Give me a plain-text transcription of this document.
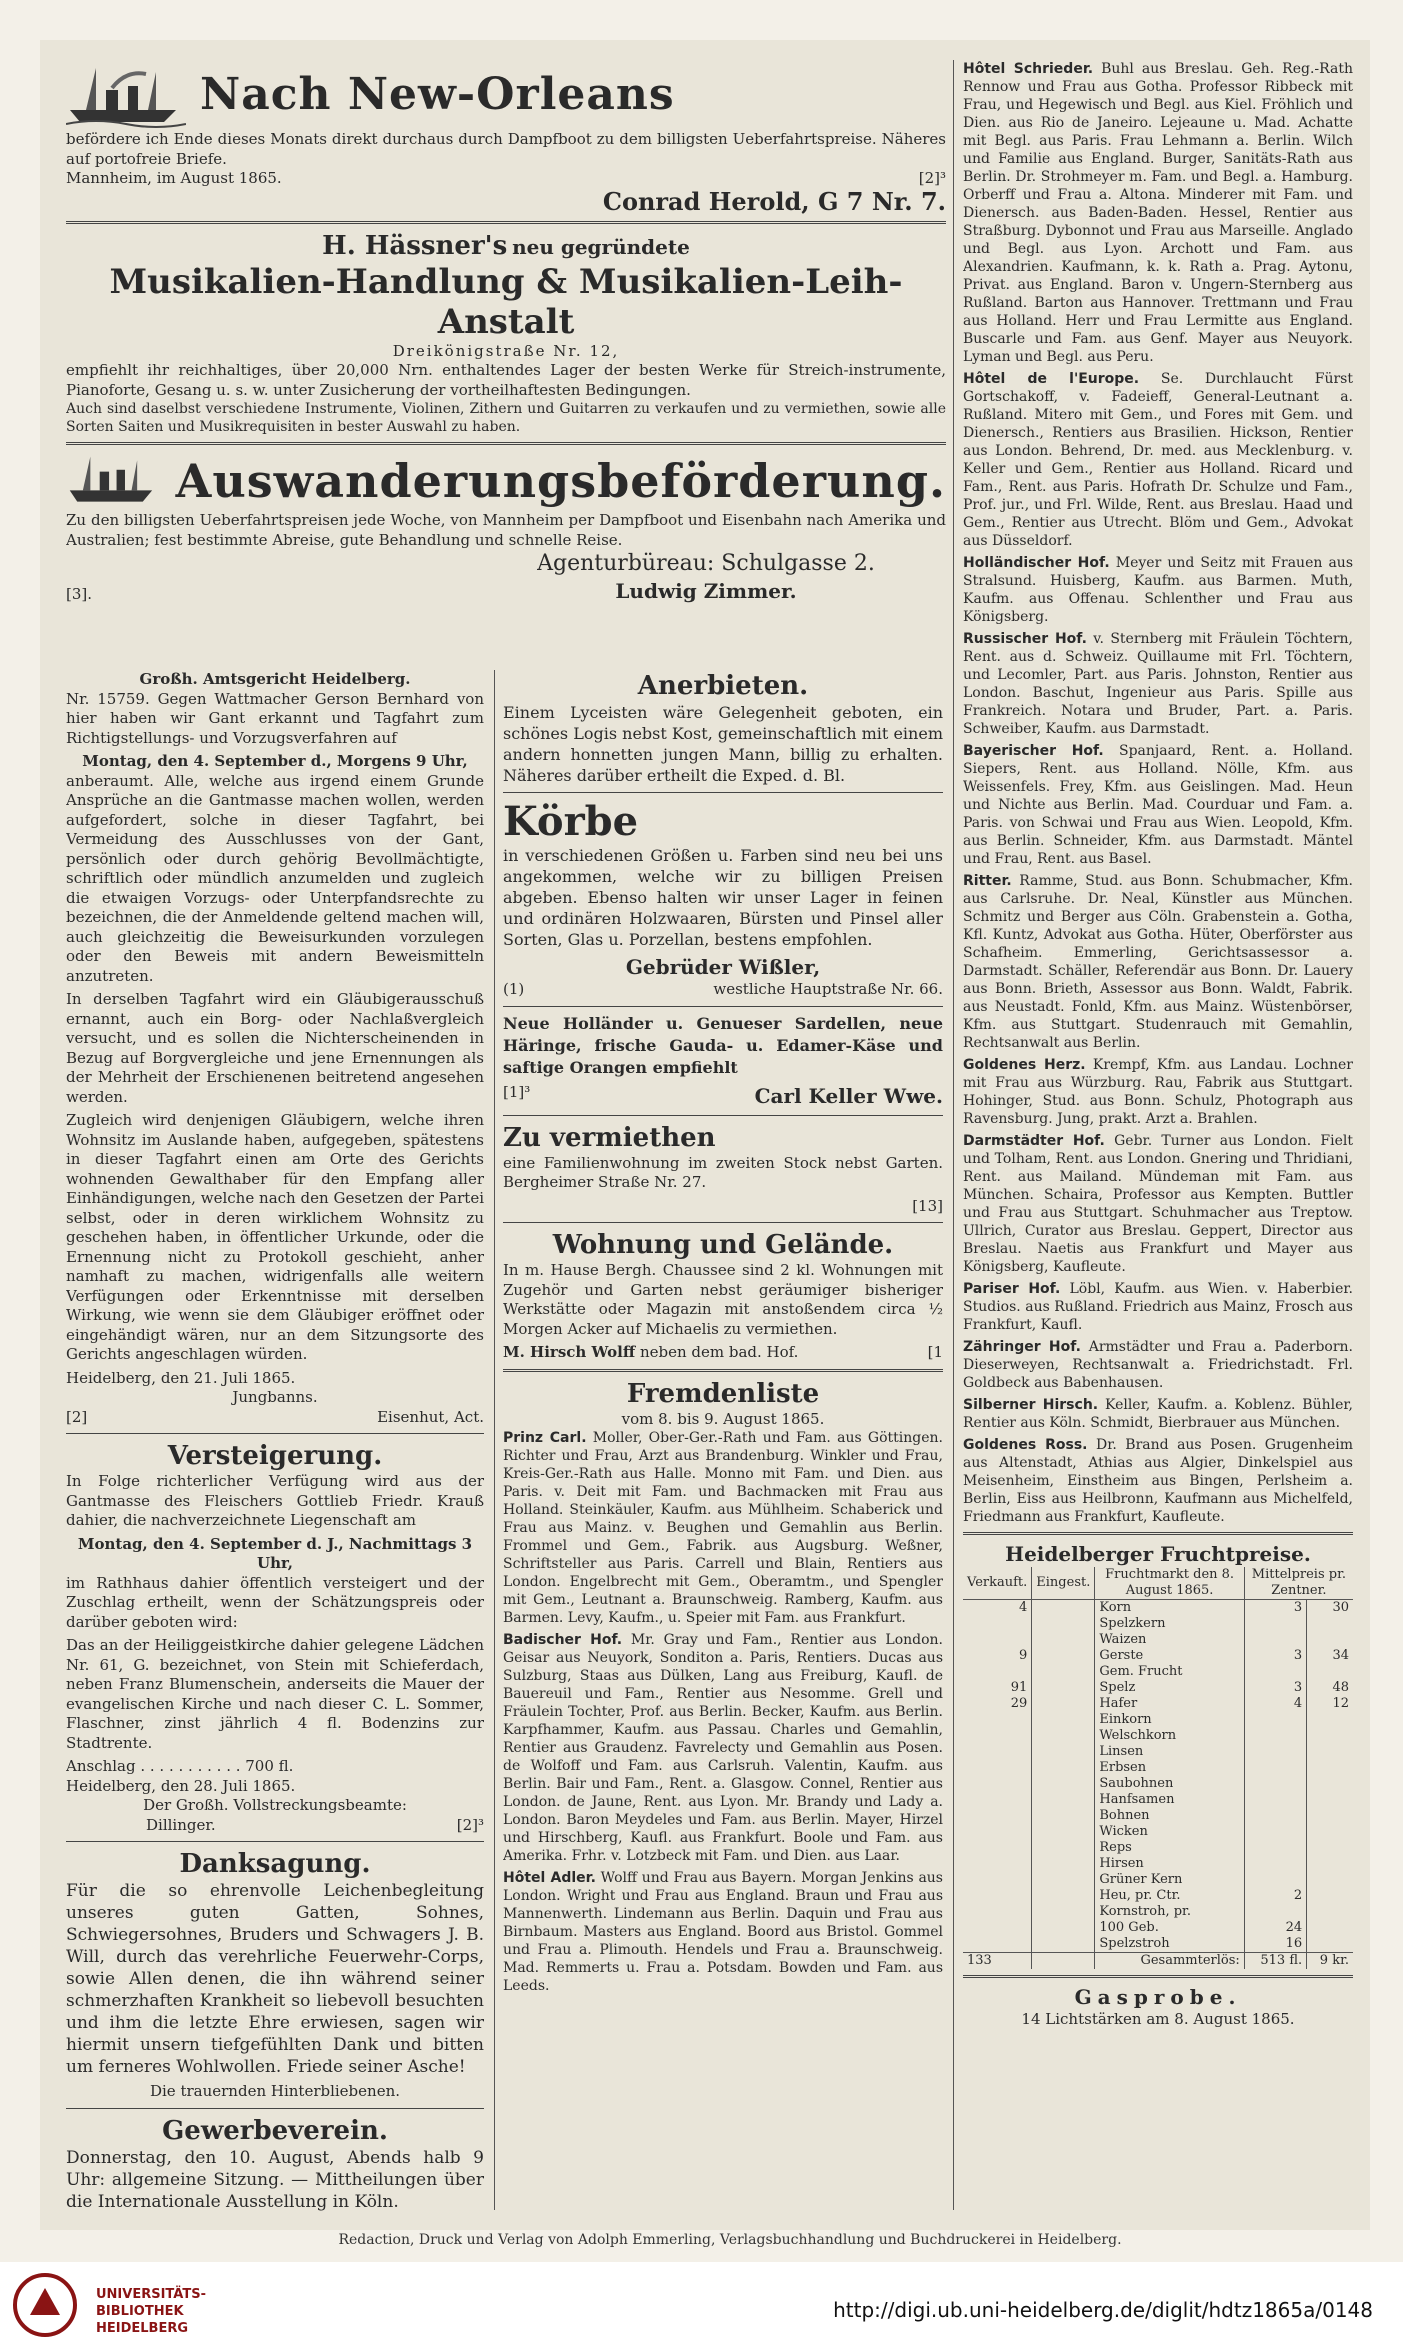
Nach New-Orleans
befördere ich Ende dieses Monats direkt durchaus durch Dampfboot zu dem billigsten Ueberfahrtspreise. Näheres auf portofreie Briefe.
Mannheim, im August 1865.	[2]³
Conrad Herold, G 7 Nr. 7.
H. Hässner's neu gegründete
Musikalien-Handlung & Musikalien-Leih-Anstalt
Dreikönigstraße Nr. 12,
empfiehlt ihr reichhaltiges, über 20,000 Nrn. enthaltendes Lager der besten Werke für Streich-instrumente, Pianoforte, Gesang u. s. w. unter Zusicherung der vortheilhaftesten Bedingungen.
Auch sind daselbst verschiedene Instrumente, Violinen, Zithern und Guitarren zu verkaufen und zu vermiethen, sowie alle Sorten Saiten und Musikrequisiten in bester Auswahl zu haben.
Auswanderungsbeförderung.
Zu den billigsten Ueberfahrtspreisen jede Woche, von Mannheim per Dampfboot und Eisenbahn nach Amerika und Australien; fest bestimmte Abreise, gute Behandlung und schnelle Reise.
[3].
Agenturbüreau: Schulgasse 2.
Ludwig Zimmer.
Großh. Amtsgericht Heidelberg.
Nr. 15759. Gegen Wattmacher Gerson Bernhard von hier haben wir Gant erkannt und Tagfahrt zum Richtigstellungs- und Vorzugsverfahren auf
Montag, den 4. September d., Morgens 9 Uhr,
anberaumt. Alle, welche aus irgend einem Grunde Ansprüche an die Gantmasse machen wollen, werden aufgefordert, solche in dieser Tagfahrt, bei Vermeidung des Ausschlusses von der Gant, persönlich oder durch gehörig Bevollmächtigte, schriftlich oder mündlich anzumelden und zugleich die etwaigen Vorzugs- oder Unterpfandsrechte zu bezeichnen, die der Anmeldende geltend machen will, auch gleichzeitig die Beweisurkunden vorzulegen oder den Beweis mit andern Beweismitteln anzutreten.
In derselben Tagfahrt wird ein Gläubigerausschuß ernannt, auch ein Borg- oder Nachlaßvergleich versucht, und es sollen die Nichterscheinenden in Bezug auf Borgvergleiche und jene Ernennungen als der Mehrheit der Erschienenen beitretend angesehen werden.
Zugleich wird denjenigen Gläubigern, welche ihren Wohnsitz im Auslande haben, aufgegeben, spätestens in dieser Tagfahrt einen am Orte des Gerichts wohnenden Gewalthaber für den Empfang aller Einhändigungen, welche nach den Gesetzen der Partei selbst, oder in deren wirklichem Wohnsitz zu geschehen haben, in öffentlicher Urkunde, oder die Ernennung nicht zu Protokoll geschieht, anher namhaft zu machen, widrigenfalls alle weitern Verfügungen oder Erkenntnisse mit derselben Wirkung, wie wenn sie dem Gläubiger eröffnet oder eingehändigt wären, nur an dem Sitzungsorte des Gerichts angeschlagen würden.
Heidelberg, den 21. Juli 1865.
Jungbanns.
[2]	Eisenhut, Act.
Versteigerung.
In Folge richterlicher Verfügung wird aus der Gantmasse des Fleischers Gottlieb Friedr. Krauß dahier, die nachverzeichnete Liegenschaft am
Montag, den 4. September d. J., Nachmittags 3 Uhr,
im Rathhaus dahier öffentlich versteigert und der Zuschlag ertheilt, wenn der Schätzungspreis oder darüber geboten wird:
Das an der Heiliggeistkirche dahier gelegene Lädchen Nr. 61, G. bezeichnet, von Stein mit Schieferdach, neben Franz Blumenschein, anderseits die Mauer der evangelischen Kirche und nach dieser C. L. Sommer, Flaschner, zinst jährlich 4 fl. Bodenzins zur Stadtrente.
Anschlag . . . . . . . . . . . 700 fl.
Heidelberg, den 28. Juli 1865.
Der Großh. Vollstreckungsbeamte:
Dillinger.	[2]³
Danksagung.
Für die so ehrenvolle Leichenbegleitung unseres guten Gatten, Sohnes, Schwiegersohnes, Bruders und Schwagers J. B. Will, durch das verehrliche Feuerwehr-Corps, sowie Allen denen, die ihn während seiner schmerzhaften Krankheit so liebevoll besuchten und ihm die letzte Ehre erwiesen, sagen wir hiermit unsern tiefgefühlten Dank und bitten um ferneres Wohlwollen. Friede seiner Asche!
Die trauernden Hinterbliebenen.
Gewerbeverein.
Donnerstag, den 10. August, Abends halb 9 Uhr: allgemeine Sitzung. — Mittheilungen über die Internationale Ausstellung in Köln.
Anerbieten.
Einem Lyceisten wäre Gelegenheit geboten, ein schönes Logis nebst Kost, gemeinschaftlich mit einem andern honnetten jungen Mann, billig zu erhalten. Näheres darüber ertheilt die Exped. d. Bl.
Körbe
in verschiedenen Größen u. Farben sind neu bei uns angekommen, welche wir zu billigen Preisen abgeben. Ebenso halten wir unser Lager in feinen und ordinären Holzwaaren, Bürsten und Pinsel aller Sorten, Glas u. Porzellan, bestens empfohlen.
Gebrüder Wißler,
(1)	westliche Hauptstraße Nr. 66.
Neue Holländer u. Genueser Sardellen, neue Häringe, frische Gauda- u. Edamer-Käse und saftige Orangen empfiehlt
[1]³	Carl Keller Wwe.
Zu vermiethen
eine Familienwohnung im zweiten Stock nebst Garten. Bergheimer Straße Nr. 27.
[13]
Wohnung und Gelände.
In m. Hause Bergh. Chaussee sind 2 kl. Wohnungen mit Zugehör und Garten nebst geräumiger bisheriger Werkstätte oder Magazin mit anstoßendem circa ½ Morgen Acker auf Michaelis zu vermiethen.
M. Hirsch Wolff neben dem bad. Hof.	[1
Fremdenliste
vom 8. bis 9. August 1865.
Prinz Carl. Moller, Ober-Ger.-Rath und Fam. aus Göttingen. Richter und Frau, Arzt aus Brandenburg. Winkler und Frau, Kreis-Ger.-Rath aus Halle. Monno mit Fam. und Dien. aus Paris. v. Deit mit Fam. und Bachmacken mit Frau aus Holland. Steinkäuler, Kaufm. aus Mühlheim. Schaberick und Frau aus Mainz. v. Beughen und Gemahlin aus Berlin. Frommel und Gem., Fabrik. aus Augsburg. Weßner, Schriftsteller aus Paris. Carrell und Blain, Rentiers aus London. Engelbrecht mit Gem., Oberamtm., und Spengler mit Gem., Leutnant a. Braunschweig. Ramberg, Kaufm. aus Barmen. Levy, Kaufm., u. Speier mit Fam. aus Frankfurt.
Badischer Hof. Mr. Gray und Fam., Rentier aus London. Geisar aus Neuyork, Sonditon a. Paris, Rentiers. Ducas aus Sulzburg, Staas aus Dülken, Lang aus Freiburg, Kaufl. de Bauereuil und Fam., Rentier aus Nesomme. Grell und Fräulein Tochter, Prof. aus Berlin. Becker, Kaufm. aus Berlin. Karpfhammer, Kaufm. aus Passau. Charles und Gemahlin, Rentier aus Graudenz. Favrelecty und Gemahlin aus Posen. de Wolfoff und Fam. aus Carlsruh. Valentin, Kaufm. aus Berlin. Bair und Fam., Rent. a. Glasgow. Connel, Rentier aus London. de Jaune, Rent. aus Lyon. Mr. Brandy und Lady a. London. Baron Meydeles und Fam. aus Berlin. Mayer, Hirzel und Hirschberg, Kaufl. aus Frankfurt. Boole und Fam. aus Amerika. Frhr. v. Lotzbeck mit Fam. und Dien. aus Laar.
Hôtel Adler. Wolff und Frau aus Bayern. Morgan Jenkins aus London. Wright und Frau aus England. Braun und Frau aus Mannenwerth. Lindemann aus Berlin. Daquin und Frau aus Birnbaum. Masters aus England. Boord aus Bristol. Gommel und Frau a. Plimouth. Hendels und Frau a. Braunschweig. Mad. Remmerts u. Frau a. Potsdam. Bowden und Fam. aus Leeds.
Hôtel Schrieder. Buhl aus Breslau. Geh. Reg.-Rath Rennow und Frau aus Gotha. Professor Ribbeck mit Frau, und Hegewisch und Begl. aus Kiel. Fröhlich und Dien. aus Rio de Janeiro. Lejeaune u. Mad. Achatte mit Begl. aus Paris. Frau Lehmann a. Berlin. Wilch und Familie aus England. Burger, Sanitäts-Rath aus Berlin. Dr. Strohmeyer m. Fam. und Begl. a. Hamburg. Orberff und Frau a. Altona. Minderer mit Fam. und Dienersch. aus Baden-Baden. Hessel, Rentier aus Straßburg. Dybonnot und Frau aus Marseille. Anglado und Begl. aus Lyon. Archott und Fam. aus Alexandrien. Kaufmann, k. k. Rath a. Prag. Aytonu, Privat. aus England. Baron v. Ungern-Sternberg aus Rußland. Barton aus Hannover. Trettmann und Frau aus Holland. Herr und Frau Lermitte aus England. Buscarle und Fam. aus Genf. Mayer aus Neuyork. Lyman und Begl. aus Peru.
Hôtel de l'Europe. Se. Durchlaucht Fürst Gortschakoff, v. Fadeieff, General-Leutnant a. Rußland. Mitero mit Gem., und Fores mit Gem. und Dienersch., Rentiers aus Brasilien. Hickson, Rentier aus London. Behrend, Dr. med. aus Mecklenburg. v. Keller und Gem., Rentier aus Holland. Ricard und Fam., Rent. aus Paris. Hofrath Dr. Schulze und Fam., Prof. jur., und Frl. Wilde, Rent. aus Breslau. Haad und Gem., Rentier aus Utrecht. Blöm und Gem., Advokat aus Düsseldorf.
Holländischer Hof. Meyer und Seitz mit Frauen aus Stralsund. Huisberg, Kaufm. aus Barmen. Muth, Kaufm. aus Offenau. Schlenther und Frau aus Königsberg.
Russischer Hof. v. Sternberg mit Fräulein Töchtern, Rent. aus d. Schweiz. Quillaume mit Frl. Töchtern, und Lecomler, Part. aus Paris. Johnston, Rentier aus London. Baschut, Ingenieur aus Paris. Spille aus Frankreich. Notara und Bruder, Part. a. Paris. Schweiber, Kaufm. aus Darmstadt.
Bayerischer Hof. Spanjaard, Rent. a. Holland. Siepers, Rent. aus Holland. Nölle, Kfm. aus Weissenfels. Frey, Kfm. aus Geislingen. Mad. Heun und Nichte aus Berlin. Mad. Courduar und Fam. a. Paris. von Schwai und Frau aus Wien. Leopold, Kfm. aus Berlin. Schneider, Kfm. aus Darmstadt. Mäntel und Frau, Rent. aus Basel.
Ritter. Ramme, Stud. aus Bonn. Schubmacher, Kfm. aus Carlsruhe. Dr. Neal, Künstler aus München. Schmitz und Berger aus Cöln. Grabenstein a. Gotha, Kfl. Kuntz, Advokat aus Gotha. Hüter, Oberförster aus Schafheim. Emmerling, Gerichtsassessor a. Darmstadt. Schäller, Referendär aus Bonn. Dr. Lauery aus Bonn. Brieth, Assessor aus Bonn. Waldt, Fabrik. aus Neustadt. Fonld, Kfm. aus Mainz. Wüstenbörser, Kfm. aus Stuttgart. Studenrauch mit Gemahlin, Rechtsanwalt aus Berlin.
Goldenes Herz. Krempf, Kfm. aus Landau. Lochner mit Frau aus Würzburg. Rau, Fabrik aus Stuttgart. Hohinger, Stud. aus Bonn. Schulz, Photograph aus Ravensburg. Jung, prakt. Arzt a. Brahlen.
Darmstädter Hof. Gebr. Turner aus London. Fielt und Tolham, Rent. aus London. Gnering und Thridiani, Rent. aus Mailand. Mündeman mit Fam. aus München. Schaira, Professor aus Kempten. Buttler und Frau aus Stuttgart. Schuhmacher aus Treptow. Ullrich, Curator aus Breslau. Geppert, Director aus Breslau. Naetis aus Frankfurt und Mayer aus Königsberg, Kaufleute.
Pariser Hof. Löbl, Kaufm. aus Wien. v. Haberbier. Studios. aus Rußland. Friedrich aus Mainz, Frosch aus Frankfurt, Kaufl.
Zähringer Hof. Armstädter und Frau a. Paderborn. Dieserweyen, Rechtsanwalt a. Friedrichstadt. Frl. Goldbeck aus Babenhausen.
Silberner Hirsch. Keller, Kaufm. a. Koblenz. Bühler, Rentier aus Köln. Schmidt, Bierbrauer aus München.
Goldenes Ross. Dr. Brand aus Posen. Grugenheim aus Altenstadt, Athias aus Algier, Dinkelspiel aus Meisenheim, Einstheim aus Bingen, Perlsheim a. Berlin, Eiss aus Heilbronn, Kaufmann aus Michelfeld, Friedmann aus Frankfurt, Kaufleute.
Heidelberger Fruchtpreise.
Verkauft.	Eingest.	Fruchtmarkt den 8. August 1865.	Mittelpreis pr. Zentner.	
4		Korn	3	30
		Spelzkern		
		Waizen		
9		Gerste	3	34
		Gem. Frucht		
91		Spelz	3	48
29		Hafer	4	12
		Einkorn		
		Welschkorn		
		Linsen		
		Erbsen		
		Saubohnen		
		Hanfsamen		
		Bohnen		
		Wicken		
		Reps		
		Hirsen		
		Grüner Kern		
		Heu, pr. Ctr.	2	
		Kornstroh, pr.		
		100 Geb.	24	
		Spelzstroh	16	
133		Gesammterlös:	513 fl.	9 kr.
Gasprobe.
14 Lichtstärken am 8. August 1865.
Redaction, Druck und Verlag von Adolph Emmerling, Verlagsbuchhandlung und Buchdruckerei in Heidelberg.
UNIVERSITÄTS-
BIBLIOTHEK
HEIDELBERG
http://digi.ub.uni-heidelberg.de/diglit/hdtz1865a/0148
